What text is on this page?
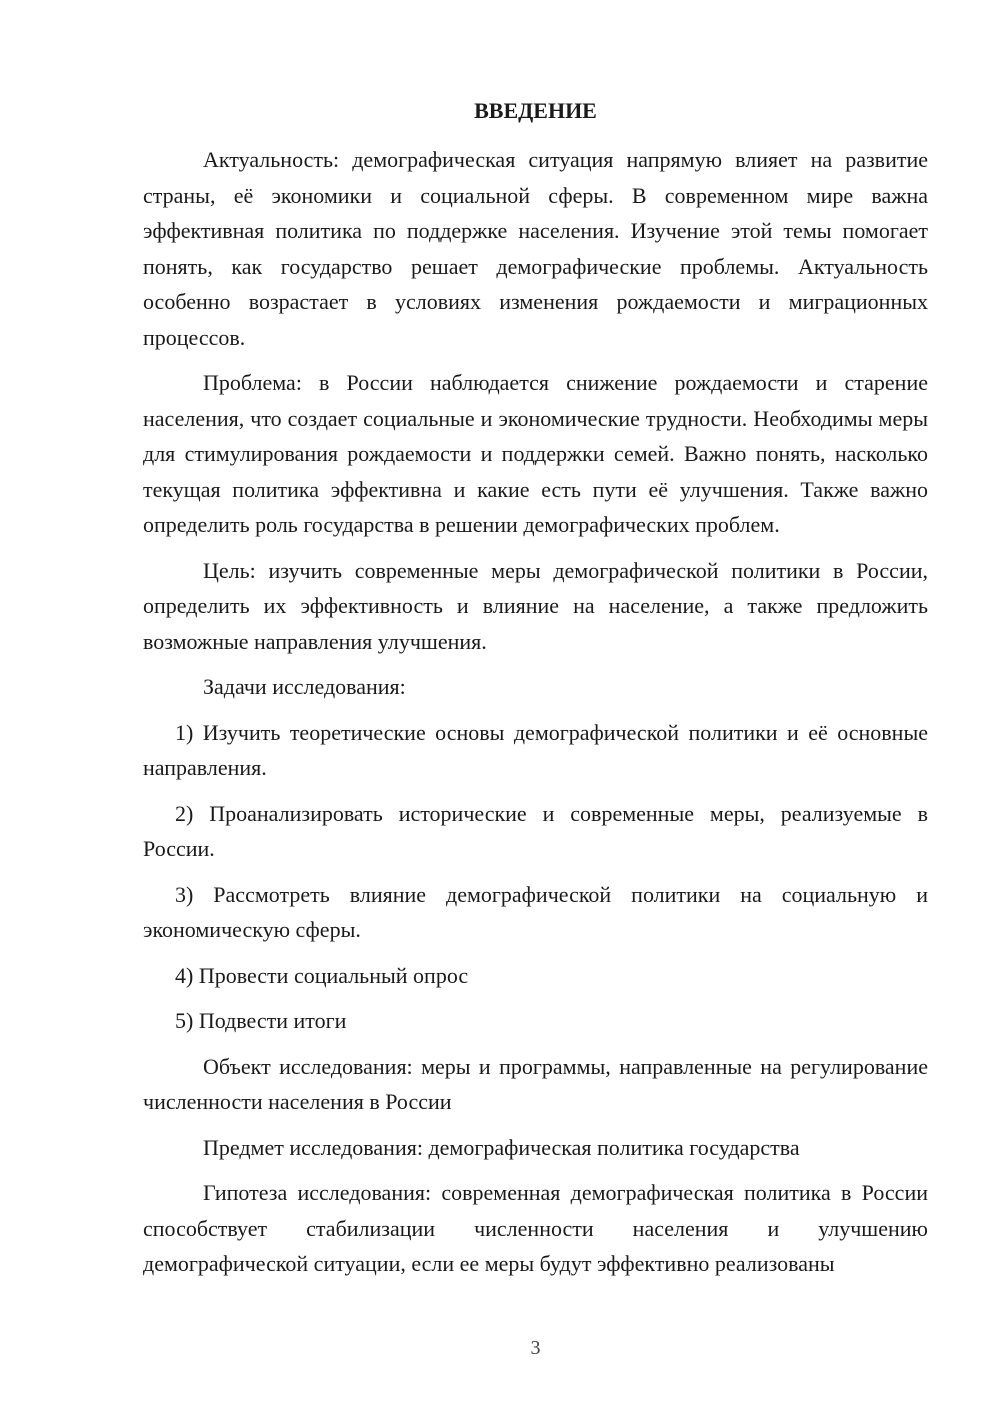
ВВЕДЕНИЕ

Актуальность: демографическая ситуация напрямую влияет на развитие страны, её экономики и социальной сферы. В современном мире важна эффективная политика по поддержке населения. Изучение этой темы помогает понять, как государство решает демографические проблемы. Актуальность особенно возрастает в условиях изменения рождаемости и миграционных процессов.

Проблема: в России наблюдается снижение рождаемости и старение населения, что создает социальные и экономические трудности. Необходимы меры для стимулирования рождаемости и поддержки семей. Важно понять, насколько текущая политика эффективна и какие есть пути её улучшения. Также важно определить роль государства в решении демографических проблем.

Цель: изучить современные меры демографической политики в России, определить их эффективность и влияние на население, а также предложить возможные направления улучшения.

Задачи исследования:

1) Изучить теоретические основы демографической политики и её основные направления.

2) Проанализировать исторические и современные меры, реализуемые в России.

3) Рассмотреть влияние демографической политики на социальную и экономическую сферы.

4) Провести социальный опрос

5) Подвести итоги

Объект исследования: меры и программы, направленные на регулирование численности населения в России

Предмет исследования: демографическая политика государства

Гипотеза исследования: современная демографическая политика в России способствует стабилизации численности населения и улучшению демографической ситуации, если ее меры будут эффективно реализованы

3
